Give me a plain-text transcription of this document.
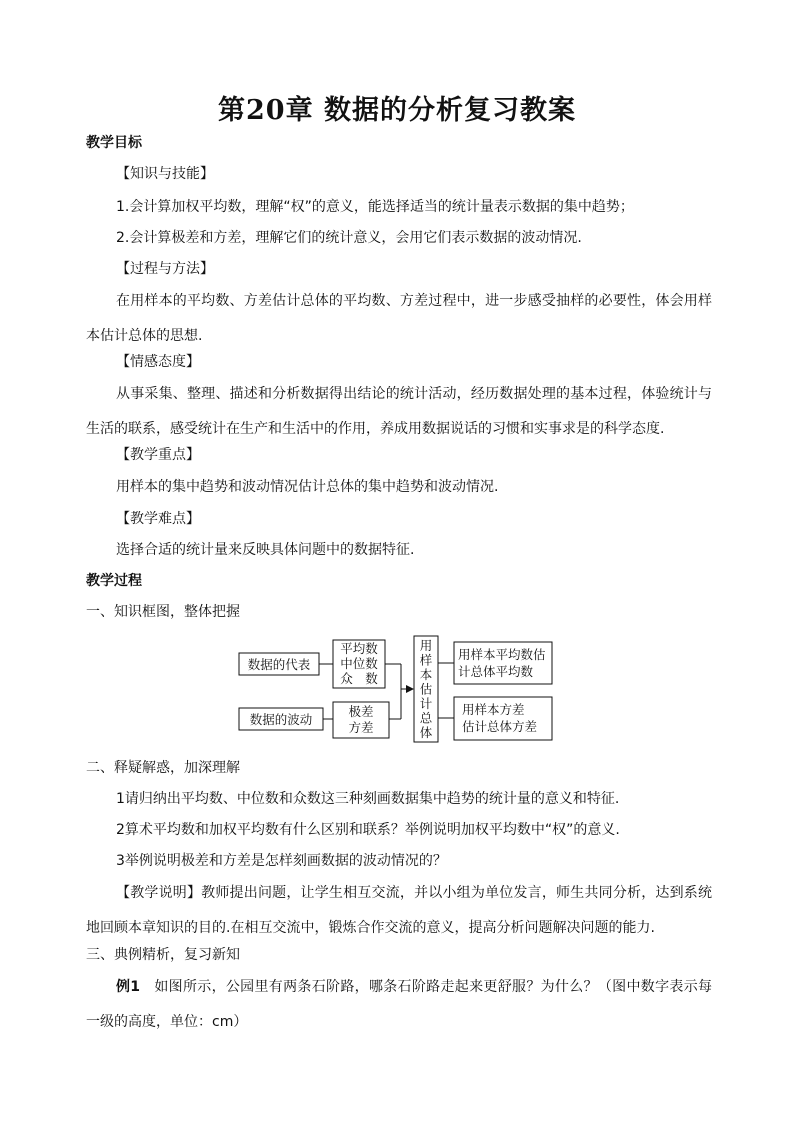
第20章 数据的分析复习教案
教学目标
【知识与技能】
1.会计算加权平均数，理解“权”的意义，能选择适当的统计量表示数据的集中趋势；
2.会计算极差和方差，理解它们的统计意义，会用它们表示数据的波动情况.
【过程与方法】
在用样本的平均数、方差估计总体的平均数、方差过程中，进一步感受抽样的必要性，体会用样本估计总体的思想.
【情感态度】
从事采集、整理、描述和分析数据得出结论的统计活动，经历数据处理的基本过程，体验统计与生活的联系，感受统计在生产和生活中的作用，养成用数据说话的习惯和实事求是的科学态度.
【教学重点】
用样本的集中趋势和波动情况估计总体的集中趋势和波动情况.
【教学难点】
选择合适的统计量来反映具体问题中的数据特征.
教学过程
一、知识框图，整体把握
数据的代表
平均数
中位数
众　数
数据的波动
极差
方差
用
样
本
估
计
总
体
用样本平均数估
计总体平均数
用样本方差
估计总体方差
二、释疑解惑，加深理解
1请归纳出平均数、中位数和众数这三种刻画数据集中趋势的统计量的意义和特征.
2算术平均数和加权平均数有什么区别和联系？举例说明加权平均数中“权”的意义.
3举例说明极差和方差是怎样刻画数据的波动情况的？
【教学说明】教师提出问题，让学生相互交流，并以小组为单位发言，师生共同分析，达到系统地回顾本章知识的目的.在相互交流中，锻炼合作交流的意义，提高分析问题解决问题的能力.
三、典例精析，复习新知
例1 如图所示，公园里有两条石阶路，哪条石阶路走起来更舒服？为什么？（图中数字表示每一级的高度，单位：cm）
